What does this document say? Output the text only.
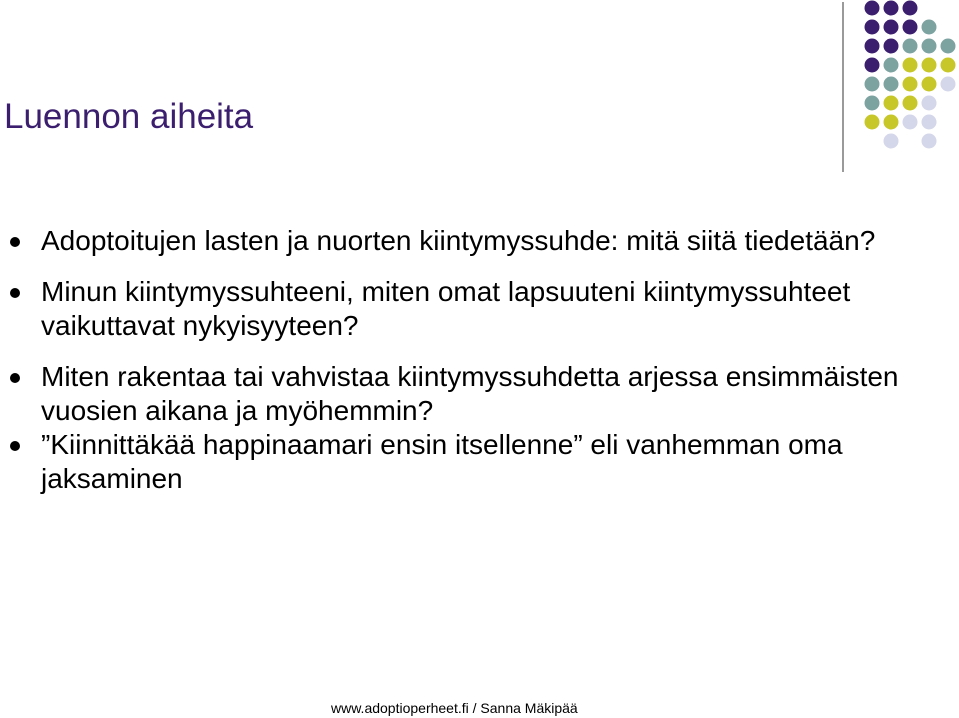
Luennon aiheita
Adoptoitujen lasten ja nuorten kiintymyssuhde: mitä siitä tiedetään?
Minun kiintymyssuhteeni, miten omat lapsuuteni kiintymyssuhteet vaikuttavat nykyisyyteen?
Miten rakentaa tai vahvistaa kiintymyssuhdetta arjessa ensimmäisten vuosien aikana ja myöhemmin?
”Kiinnittäkää happinaamari ensin itsellenne” eli vanhemman oma jaksaminen
www.adoptioperheet.fi / Sanna Mäkipää
